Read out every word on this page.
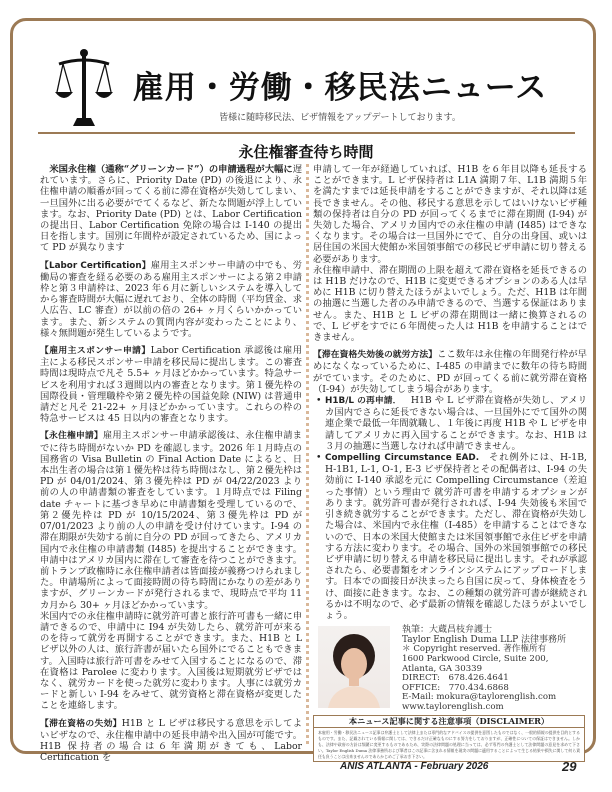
雇用・労働・移民法ニュース
皆様に随時移民法、ビザ情報をアップデートしております。
永住権審査待ち時間

 米国永住権（通称“グリーンカード”）の申請過程が大幅に遅れています。さらに、Priority Date (PD) の後退により、永住権申請の順番が回ってくる前に滞在資格が失効してしまい、一旦国外に出る必要がでてくるなど、新たな問題が浮上しています。なお、Priority Date (PD) とは、Labor Certification の提出日、Labor Certification 免除の場合は I-140 の提出日を指します。国別に年間枠が設定されているため、国によって PD が異なります

【Labor Certification】雇用主スポンサー申請の中でも、労働局の審査を経る必要のある雇用主スポンサーによる第２申請枠と第３申請枠は、2023 年６月に新しいシステムを導入してから審査時間が大幅に遅れており、全体の時間（平均賃金、求人広告、LC 審査）が以前の倍の 26+ ヶ月くらいかかっています。また、新システムの質問内容が変わったことにより、様々無問題が発生しているようです。

【雇用主スポンサー申請】Labor Certification 承認後は雇用主による移民スポンサー申請を移民局に提出します。この審査時間は現時点で凡そ 5.5+ ヶ月ほどかかっています。特急サービスを利用すれば３週間以内の審査となります。第１優先枠の国際役員・管理職枠や第２優先枠の国益免除 (NIW) は普通申請だと凡そ 21-22+ ヶ月ほどかかっています。これらの枠の特急サービスは 45 日以内の審査となります。

【永住権申請】雇用主スポンサー申請承認後は、永住権申請までに待ち時間がないか PD を確認します。2026 年１月時点の国務省の Visa Bulletin の Final Action Date によると、日本出生者の場合は第１優先枠は待ち時間はなし、第２優先枠は PD が 04/01/2024、第３優先枠は PD が 04/22/2023 より前の人の申請書類の審査をしています。１月時点では Filing date チャートに基づき早めに申請書類を受理しているので、第２優先枠は PD が 10/15/2024、第３優先枠は PD が 07/01/2023 より前の人の申請を受け付けています。I-94 の滞在期限が失効する前に自分の PD が回ってきたら、アメリカ国内で永住権の申請書類 (I485) を提出することができます。申請中はアメリカ国内に滞在して審査を待つことができます。前トランプ政権時に永住権申請者は皆面接が義務つけられました。申請場所によって面接時間の待ち時間にかなりの差がありますが、グリーンカードが発行されるまで、現時点で平均 11 カ月から 30+ ヶ月ほどかかっています。

米国内での永住権申請時に就労許可書と旅行許可書も一緒に申請できるので、申請中に I94 が失効したら、就労許可が来るのを待って就労を再開することができます。また、H1B と L ビザ以外の人は、旅行許書が届いたら国外にでることもできます。入国時は旅行許可書をみせて入国することになるので、滞在資格は Parolee に変わります。入国後は短期就労ビザではなく、就労カードを使った就労に変わります。人事には就労カードと新しい I-94 をみせて、就労資格と滞在資格が変更したことを連絡します。

【滞在資格の失効】H1B と L ビザは移民する意思を示してよいビザなので、永住権申請中の延長申請や出入国が可能です。H1B 保持者の場合は６年満期がきても、Labor Certification を

申請して一年が経過していれば、H1B を６年目以降も延長することができます。L ビザ保持者は L1A 満期７年、L1B 満期５年を満たすまでは延長申請をすることができますが、それ以降は延長できません。その他、移民する意思を示してはいけないビザ種類の保持者は自分の PD が回ってくるまでに滞在期間 (I-94) が失効した場合、アメリカ国内での永住権の申請 (I485) はできなくなります。その場合は一旦国外にでて、自分の出身国、或いは居住国の米国大使館か米国領事館での移民ビザ申請に切り替える必要があります。

永住権申請中、滞在期間の上限を超えて滞在資格を延長できるのは H1B だけなので、H1B に変更できるオプションのある人は早めに H1B に切り替えたほうがよいでしょう。ただ、H1B は年間の抽選に当選した者のみ申請できるので、当選する保証はありません。また、H1B と L ビザの滞在期間は一緒に換算されるので、L ビザをすでに６年間使った人は H1B を申請することはできません。

【滞在資格失効後の就労方法】ここ数年は永住権の年間発行枠が早めになくなっているために、I-485 の申請までに数年の待ち時間がでています。そのために、PD が回ってくる前に就労滞在資格（I-94）が失効してしまう場合があります。

• H1B/L の再申請．  H1B や L ビザ滞在資格が失効し、アメリカ国内でさらに延長できない場合は、一旦国外にでて国外の関連企業で最低一年間就職し、１年後に再度 H1B や L ビザを申請してアメリカに再入国することができます。なお、H1B は３月の抽選に当選しなければ申請できません。
• Compelling Circumstance EAD.  それ例外には、H-1B, H-1B1, L-1, O-1, E-3 ビザ保持者とその配偶者は、I-94 の失効前に I-140 承認を元に Compelling Circumstance（差迫った事情）という理由で 就労許可書を申請するオプションがあります。就労許可書が発行されれば、I-94 失効後も米国で引き続き就労することができます。ただし、滞在資格が失効した場合は、米国内で永住権（I-485）を申請することはできないので、日本の米国大使館または米国領事館で永住ビザを申請する方法に変わります。その場合、国外の米国領事館での移民ビザ申請に切り替える申請を移民局に提出します。それが承認されたら、必要書類をオンラインシステムにアップロードします。日本での面接日が決まったら自国に戻って、身体検査をうけ、面接に赴きます。なお、この種類の就労許可書が継続されるかは不明なので、必ず最新の情報を確認したほうがよいでしょう。
執筆：大蔵昌枝弁護士
Taylor English Duma LLP 法律事務所
＊ Copyright reserved. 著作権所有
1600 Parkwood Circle, Suite 200,
Atlanta, GA 30339
DIRECT:　678.426.4641
OFFICE:　770.434.6868
E-Mail: mokura@taylorenglish.com
www.taylorenglish.com
本ニュース記事に関する注意事項（DISCLAIMER）
本雇用・労働・移民法ニュース記事は弁護士として法律上または専門的なアドバイスの提供を意図したものではなく、一般的情報の提供を目的とするものです。また、記載されている情報に関しては、できるだけ正確なものにする努力をしておりますが、正確性についての保証はできません。しかも、法律や政府の方針は頻繁に変更するものであるため、実際の法律問題の処理に当っては、必ず専門の弁護士として法律問題の意見を求めて下さい。Taylor English Duma 法律事務所および筆者はこの記事に含まれる情報を現実の問題に適用することによって生じる結果や損失に関して何ら責任も負うことは出来ませんのであらかじめご了承おき下さい。
ANIS ATLANTA - February 2026	29
